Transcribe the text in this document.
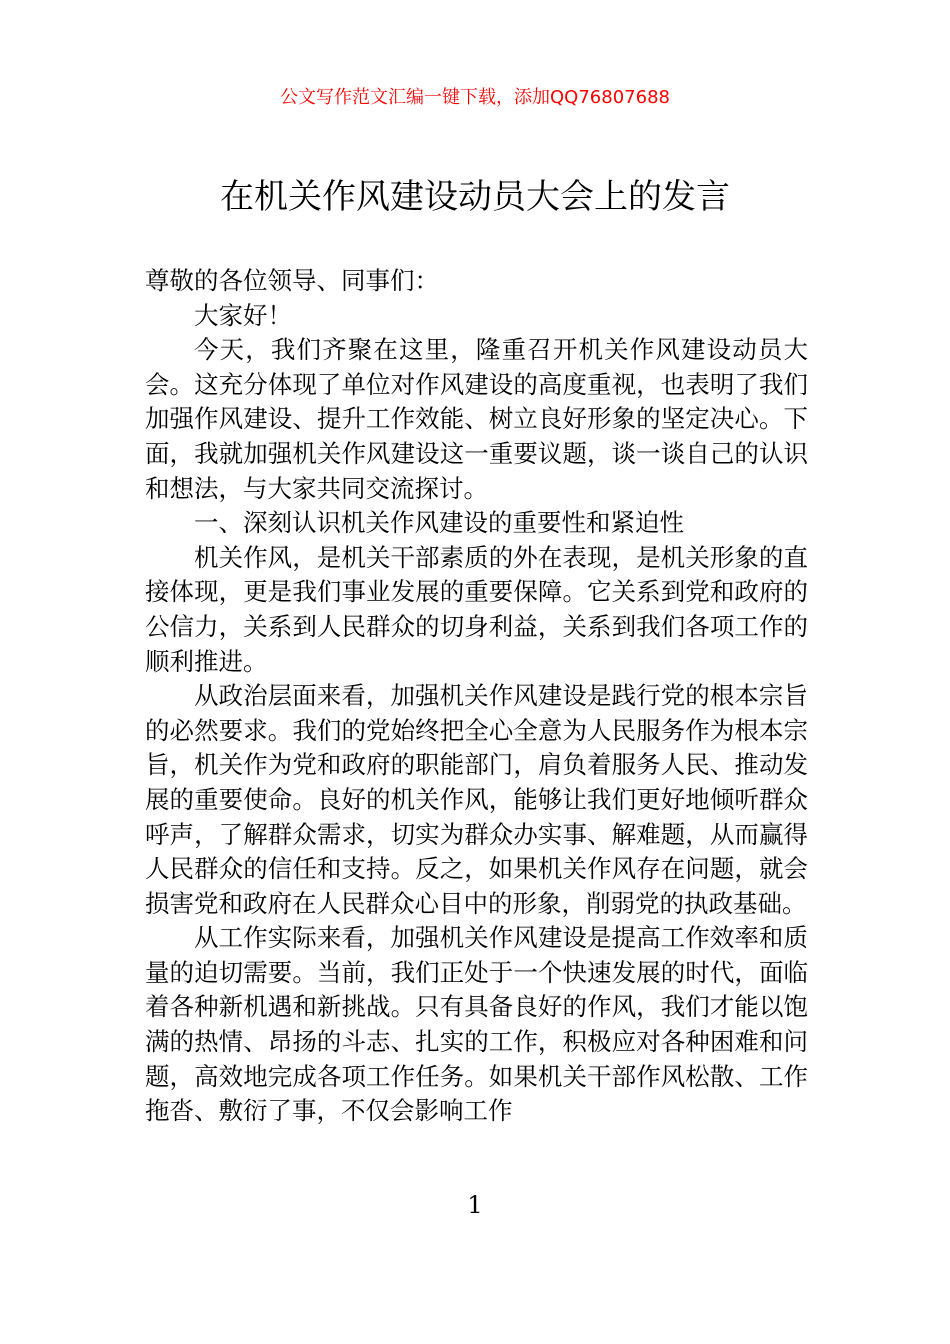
公文写作范文汇编一键下载，添加QQ76807688
在机关作风建设动员大会上的发言

尊敬的各位领导、同事们：

大家好！

今天，我们齐聚在这里，隆重召开机关作风建设动员大会。这充分体现了单位对作风建设的高度重视，也表明了我们加强作风建设、提升工作效能、树立良好形象的坚定决心。下面，我就加强机关作风建设这一重要议题，谈一谈自己的认识和想法，与大家共同交流探讨。

一、深刻认识机关作风建设的重要性和紧迫性

机关作风，是机关干部素质的外在表现，是机关形象的直接体现，更是我们事业发展的重要保障。它关系到党和政府的公信力，关系到人民群众的切身利益，关系到我们各项工作的顺利推进。

从政治层面来看，加强机关作风建设是践行党的根本宗旨的必然要求。我们的党始终把全心全意为人民服务作为根本宗旨，机关作为党和政府的职能部门，肩负着服务人民、推动发展的重要使命。良好的机关作风，能够让我们更好地倾听群众呼声，了解群众需求，切实为群众办实事、解难题，从而赢得人民群众的信任和支持。反之，如果机关作风存在问题，就会损害党和政府在人民群众心目中的形象，削弱党的执政基础。

从工作实际来看，加强机关作风建设是提高工作效率和质量的迫切需要。当前，我们正处于一个快速发展的时代，面临着各种新机遇和新挑战。只有具备良好的作风，我们才能以饱满的热情、昂扬的斗志、扎实的工作，积极应对各种困难和问题，高效地完成各项工作任务。如果机关干部作风松散、工作拖沓、敷衍了事，不仅会影响工作

1
